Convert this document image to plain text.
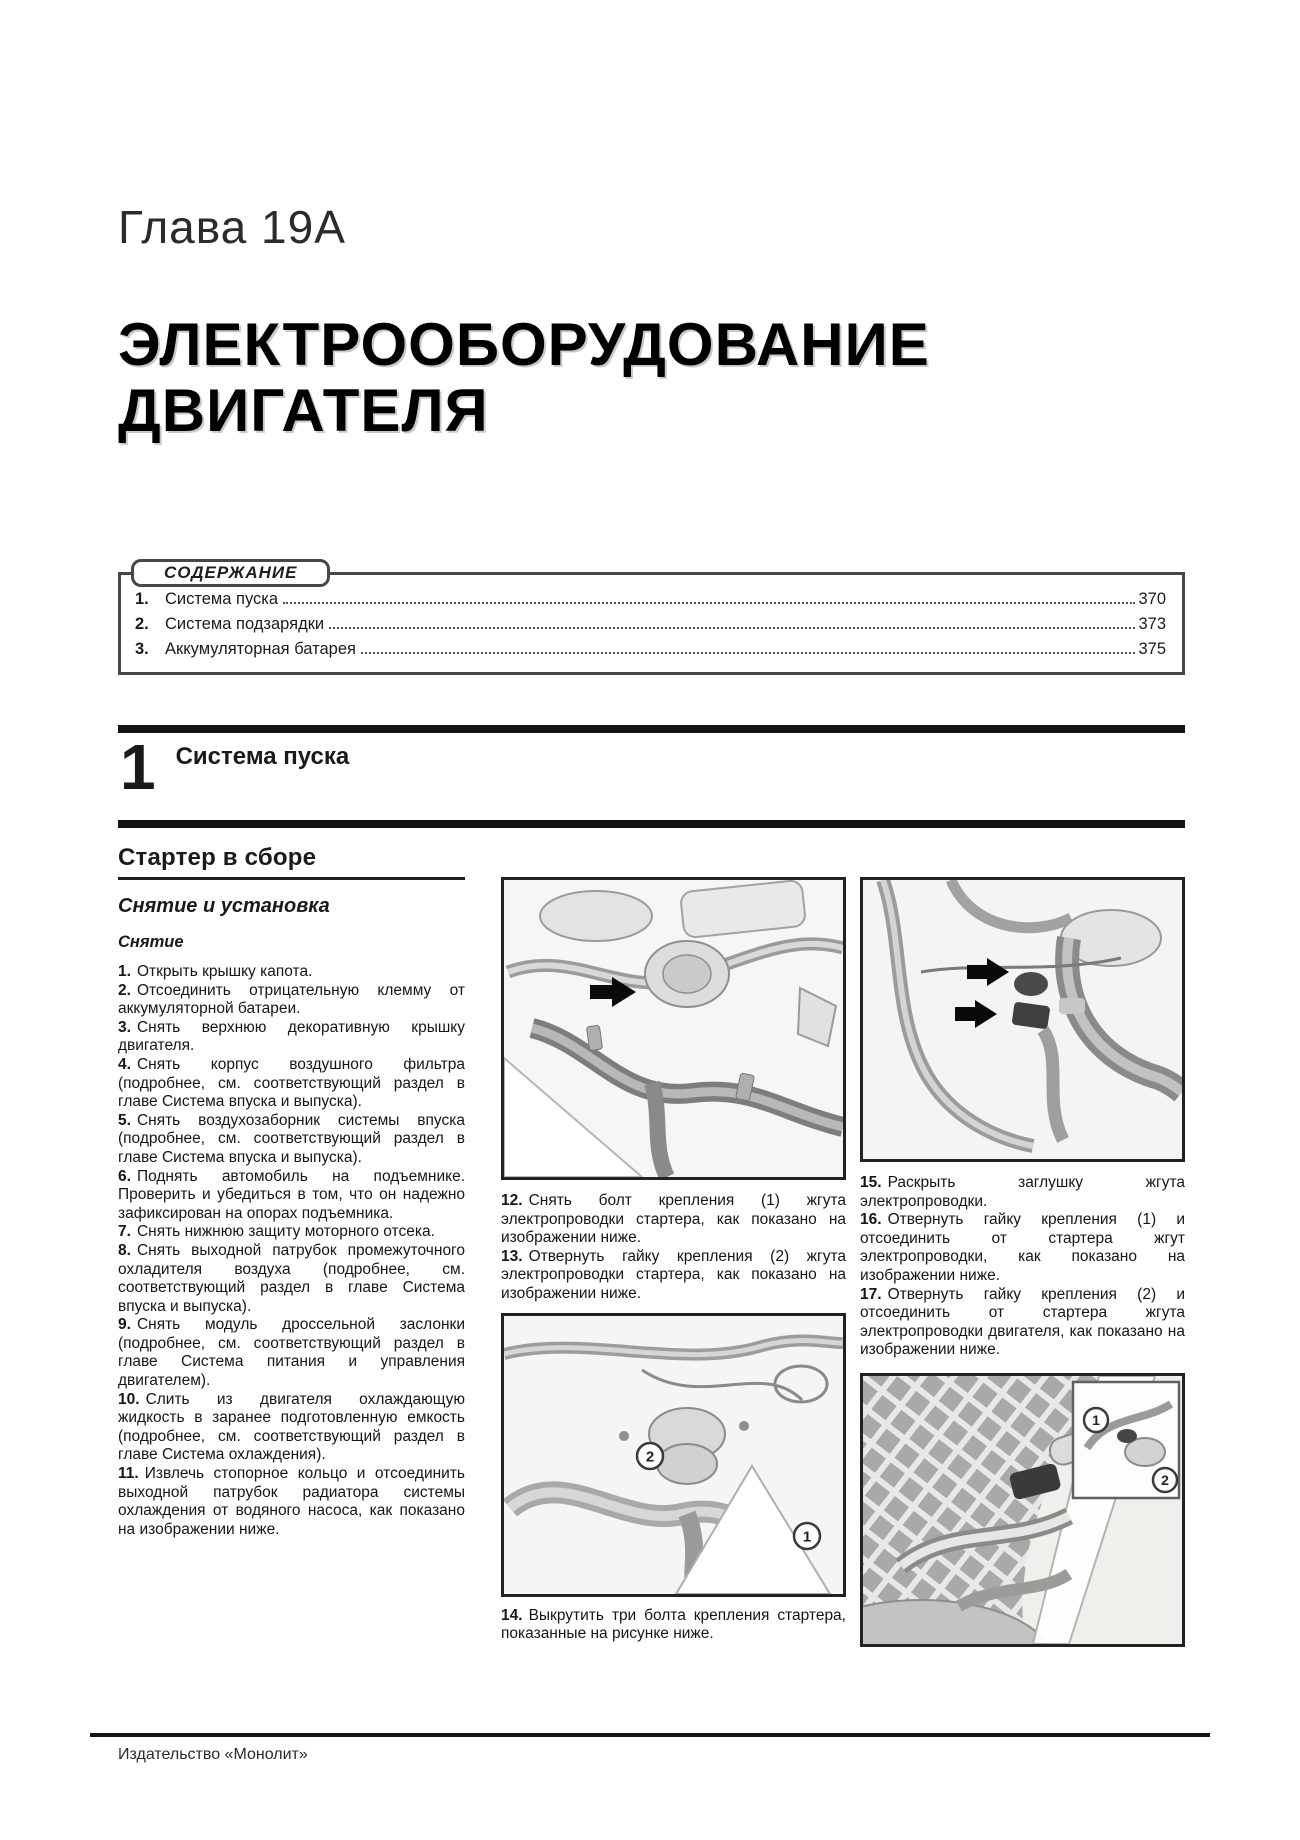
Глава 19А
ЭЛЕКТРООБОРУДОВАНИЕ
ДВИГАТЕЛЯ
СОДЕРЖАНИЕ
1. Система пуска	370
2. Система подзарядки	373
3. Аккумуляторная батарея	375
1 Система пуска
Стартер в сборе
Снятие и установка
Снятие

1. Открыть крышку капота.

2. Отсоединить отрицательную клемму от аккумуляторной батареи.

3. Снять верхнюю декоративную крышку двигателя.

4. Снять корпус воздушного фильтра (подробнее, см. соответствующий раздел в главе Система впуска и выпуска).

5. Снять воздухозаборник системы впуска (подробнее, см. соответствующий раздел в главе Система впуска и выпуска).

6. Поднять автомобиль на подъемнике. Проверить и убедиться в том, что он надежно зафиксирован на опорах подъемника.

7. Снять нижнюю защиту моторного отсека.

8. Снять выходной патрубок промежуточного охладителя воздуха (подробнее, см. соответствующий раздел в главе Система впуска и выпуска).

9. Снять модуль дроссельной заслонки (подробнее, см. соответствующий раздел в главе Система питания и управления двигателем).

10. Слить из двигателя охлаждающую жидкость в заранее подготовленную емкость (подробнее, см. соответствующий раздел в главе Система охлаждения).

11. Извлечь стопорное кольцо и отсоединить выходной патрубок радиатора системы охлаждения от водяного насоса, как показано на изображении ниже.

12. Снять болт крепления (1) жгута электропроводки стартера, как показано на изображении ниже.

13. Отвернуть гайку крепления (2) жгута электропроводки стартера, как показано на изображении ниже.

2
1

14. Выкрутить три болта крепления стартера, показанные на рисунке ниже.

15. Раскрыть заглушку жгута электропроводки.

16. Отвернуть гайку крепления (1) и отсоединить от стартера жгут электропроводки, как показано на изображении ниже.

17. Отвернуть гайку крепления (2) и отсоединить от стартера жгута электропроводки двигателя, как показано на изображении ниже.

1
2
Издательство «Монолит»
